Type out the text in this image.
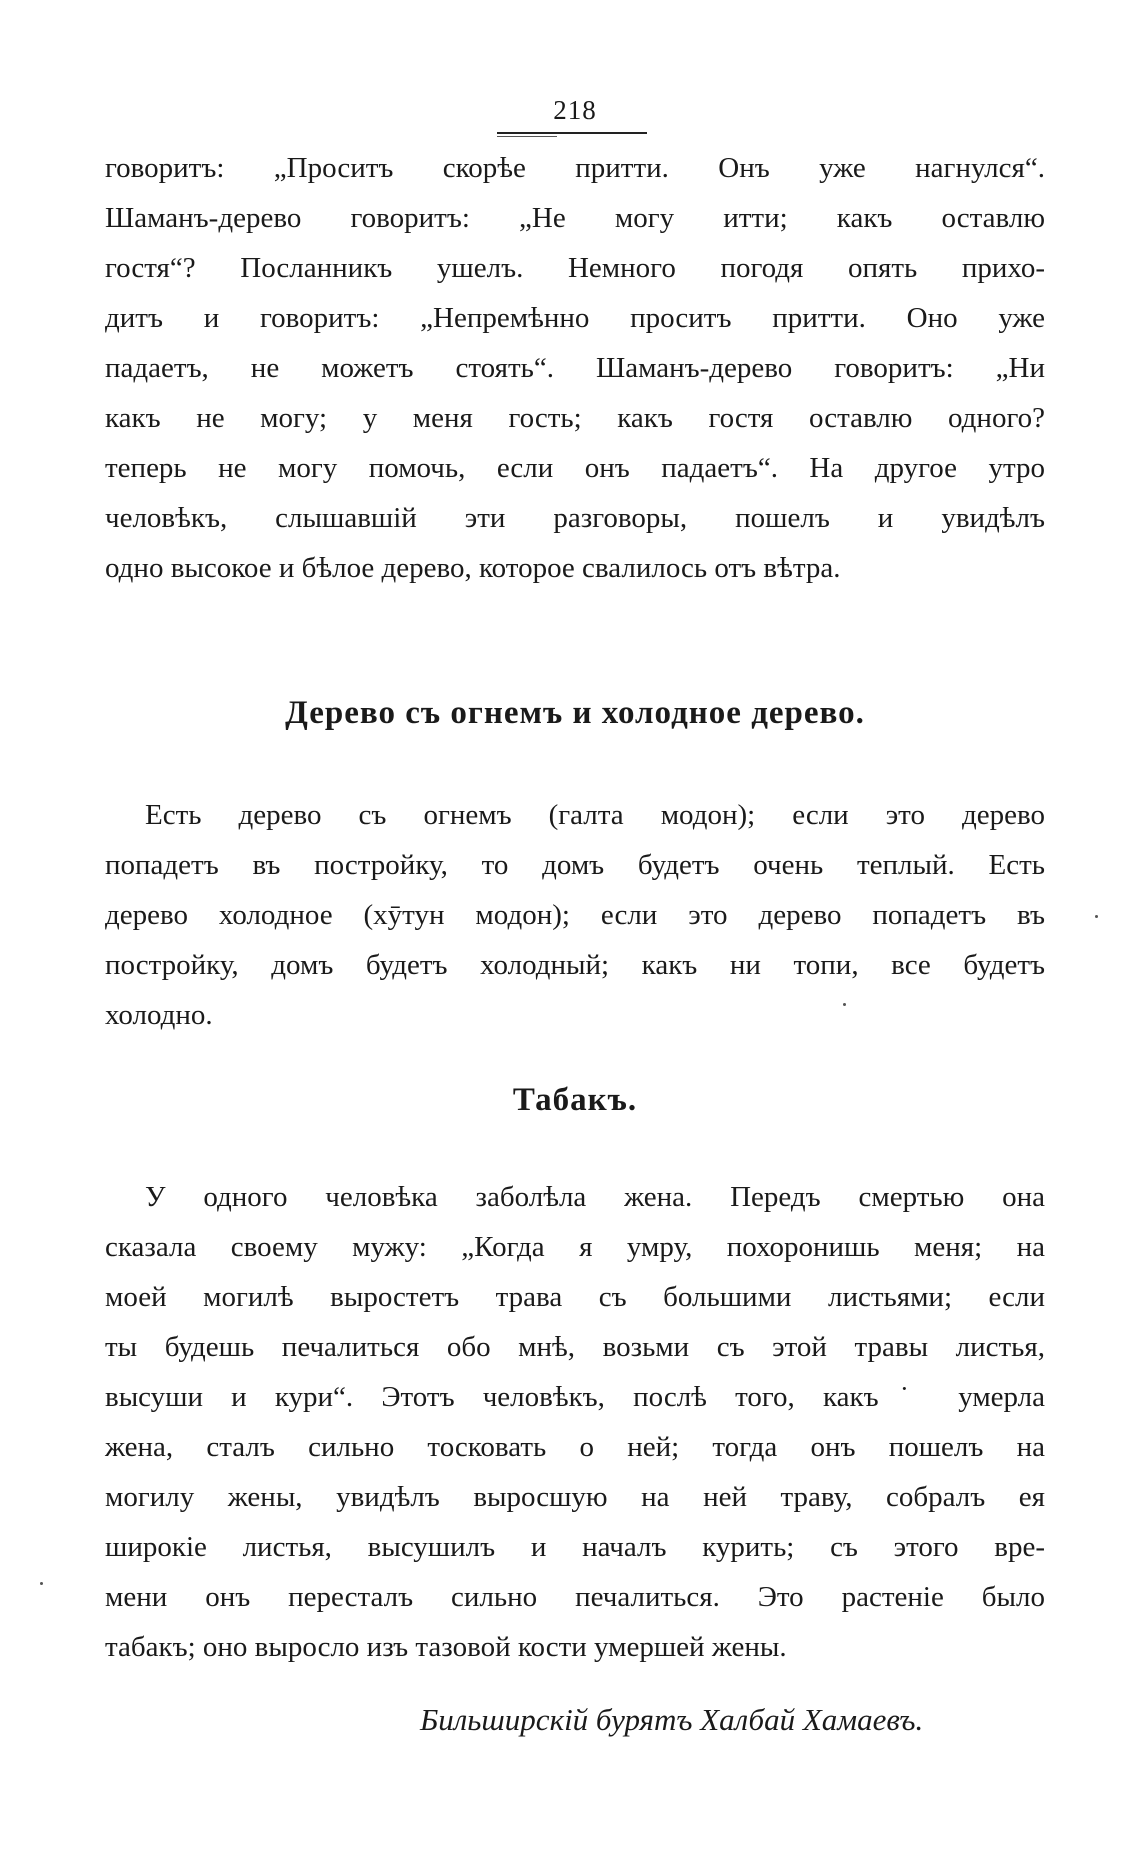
218
говоритъ: „Проситъ скорѣе притти. Онъ уже нагнулся“.
Шаманъ-дерево говоритъ: „Не могу итти; какъ оставлю
гостя“? Посланникъ ушелъ. Немного погодя опять прихо-
дитъ и говоритъ: „Непремѣнно проситъ притти. Оно уже
падаетъ, не можетъ стоять“. Шаманъ-дерево говоритъ: „Ни
какъ не могу; у меня гость; какъ гостя оставлю одного?
теперь не могу помочь, если онъ падаетъ“. На другое утро
человѣкъ, слышавшій эти разговоры, пошелъ и увидѣлъ
одно высокое и бѣлое дерево, которое свалилось отъ вѣтра.
Дерево съ огнемъ и холодное дерево.
Есть дерево съ огнемъ (галта модон); если это дерево
попадетъ въ постройку, то домъ будетъ очень теплый. Есть
дерево холодное (хӯтун модон); если это дерево попадетъ въ
постройку, домъ будетъ холодный; какъ ни топи, все будетъ
холодно.
Табакъ.
У одного человѣка заболѣла жена. Передъ смертью она
сказала своему мужу: „Когда я умру, похоронишь меня; на
моей могилѣ выростетъ трава съ большими листьями; если
ты будешь печалиться обо мнѣ, возьми съ этой травы листья,
высуши и кури“. Этотъ человѣкъ, послѣ того, какъ˙ умерла
жена, сталъ сильно тосковать о ней; тогда онъ пошелъ на
могилу жены, увидѣлъ выросшую на ней траву, собралъ ея
широкіе листья, высушилъ и началъ курить; съ этого вре-
мени онъ пересталъ сильно печалиться. Это растеніе было
табакъ; оно выросло изъ тазовой кости умершей жены.
Бильширскій бурятъ Халбай Хамаевъ.
